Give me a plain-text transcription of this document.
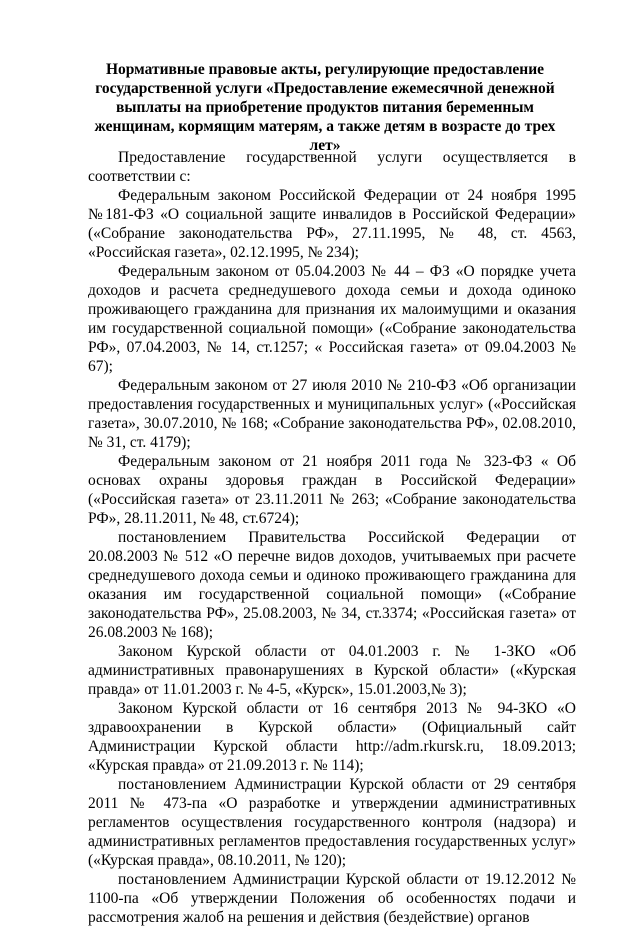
Нормативные правовые акты, регулирующие предоставление государственной услуги «Предоставление ежемесячной денежной выплаты на приобретение продуктов питания беременным женщинам, кормящим матерям, а также детям в возрасте до трех лет»

Предоставление государственной услуги осуществляется в соответствии с:

Федеральным законом Российской Федерации от 24 ноября 1995 №181-ФЗ «О социальной защите инвалидов в Российской Федерации» («Собрание законодательства РФ», 27.11.1995, № 48, ст. 4563, «Российская газета», 02.12.1995, № 234);

Федеральным законом от 05.04.2003 № 44 – ФЗ «О порядке учета доходов и расчета среднедушевого дохода семьи и дохода одиноко проживающего гражданина для признания их малоимущими и оказания им государственной социальной помощи» («Собрание законодательства РФ», 07.04.2003, № 14, ст.1257; « Российская газета» от 09.04.2003 № 67);

Федеральным законом от 27 июля 2010 № 210-ФЗ «Об организации предоставления государственных и муниципальных услуг» («Российская газета», 30.07.2010, № 168; «Собрание законодательства РФ», 02.08.2010, № 31, ст. 4179);

Федеральным законом от 21 ноября 2011 года № 323-ФЗ « Об основах охраны здоровья граждан в Российской Федерации» («Российская газета» от 23.11.2011 № 263; «Собрание законодательства РФ», 28.11.2011, № 48, ст.6724);

постановлением Правительства Российской Федерации от 20.08.2003 № 512 «О перечне видов доходов, учитываемых при расчете среднедушевого дохода семьи и одиноко проживающего гражданина для оказания им государственной социальной помощи» («Собрание законодательства РФ», 25.08.2003, № 34, ст.3374; «Российская газета» от 26.08.2003 № 168);

Законом Курской области от 04.01.2003 г. № 1-ЗКО «Об административных правонарушениях в Курской области» («Курская правда» от 11.01.2003 г. № 4-5, «Курск», 15.01.2003,№ 3);

Законом Курской области от 16 сентября 2013 № 94-ЗКО «О здравоохранении в Курской области» (Официальный сайт Администрации Курской области http://adm.rkursk.ru, 18.09.2013; «Курская правда» от 21.09.2013 г. № 114);

постановлением Администрации Курской области от 29 сентября 2011 № 473-па «О разработке и утверждении административных регламентов осуществления государственного контроля (надзора) и административных регламентов предоставления государственных услуг» («Курская правда», 08.10.2011, № 120);

постановлением Администрации Курской области от 19.12.2012 № 1100-па «Об утверждении Положения об особенностях подачи и рассмотрения жалоб на решения и действия (бездействие) органов
